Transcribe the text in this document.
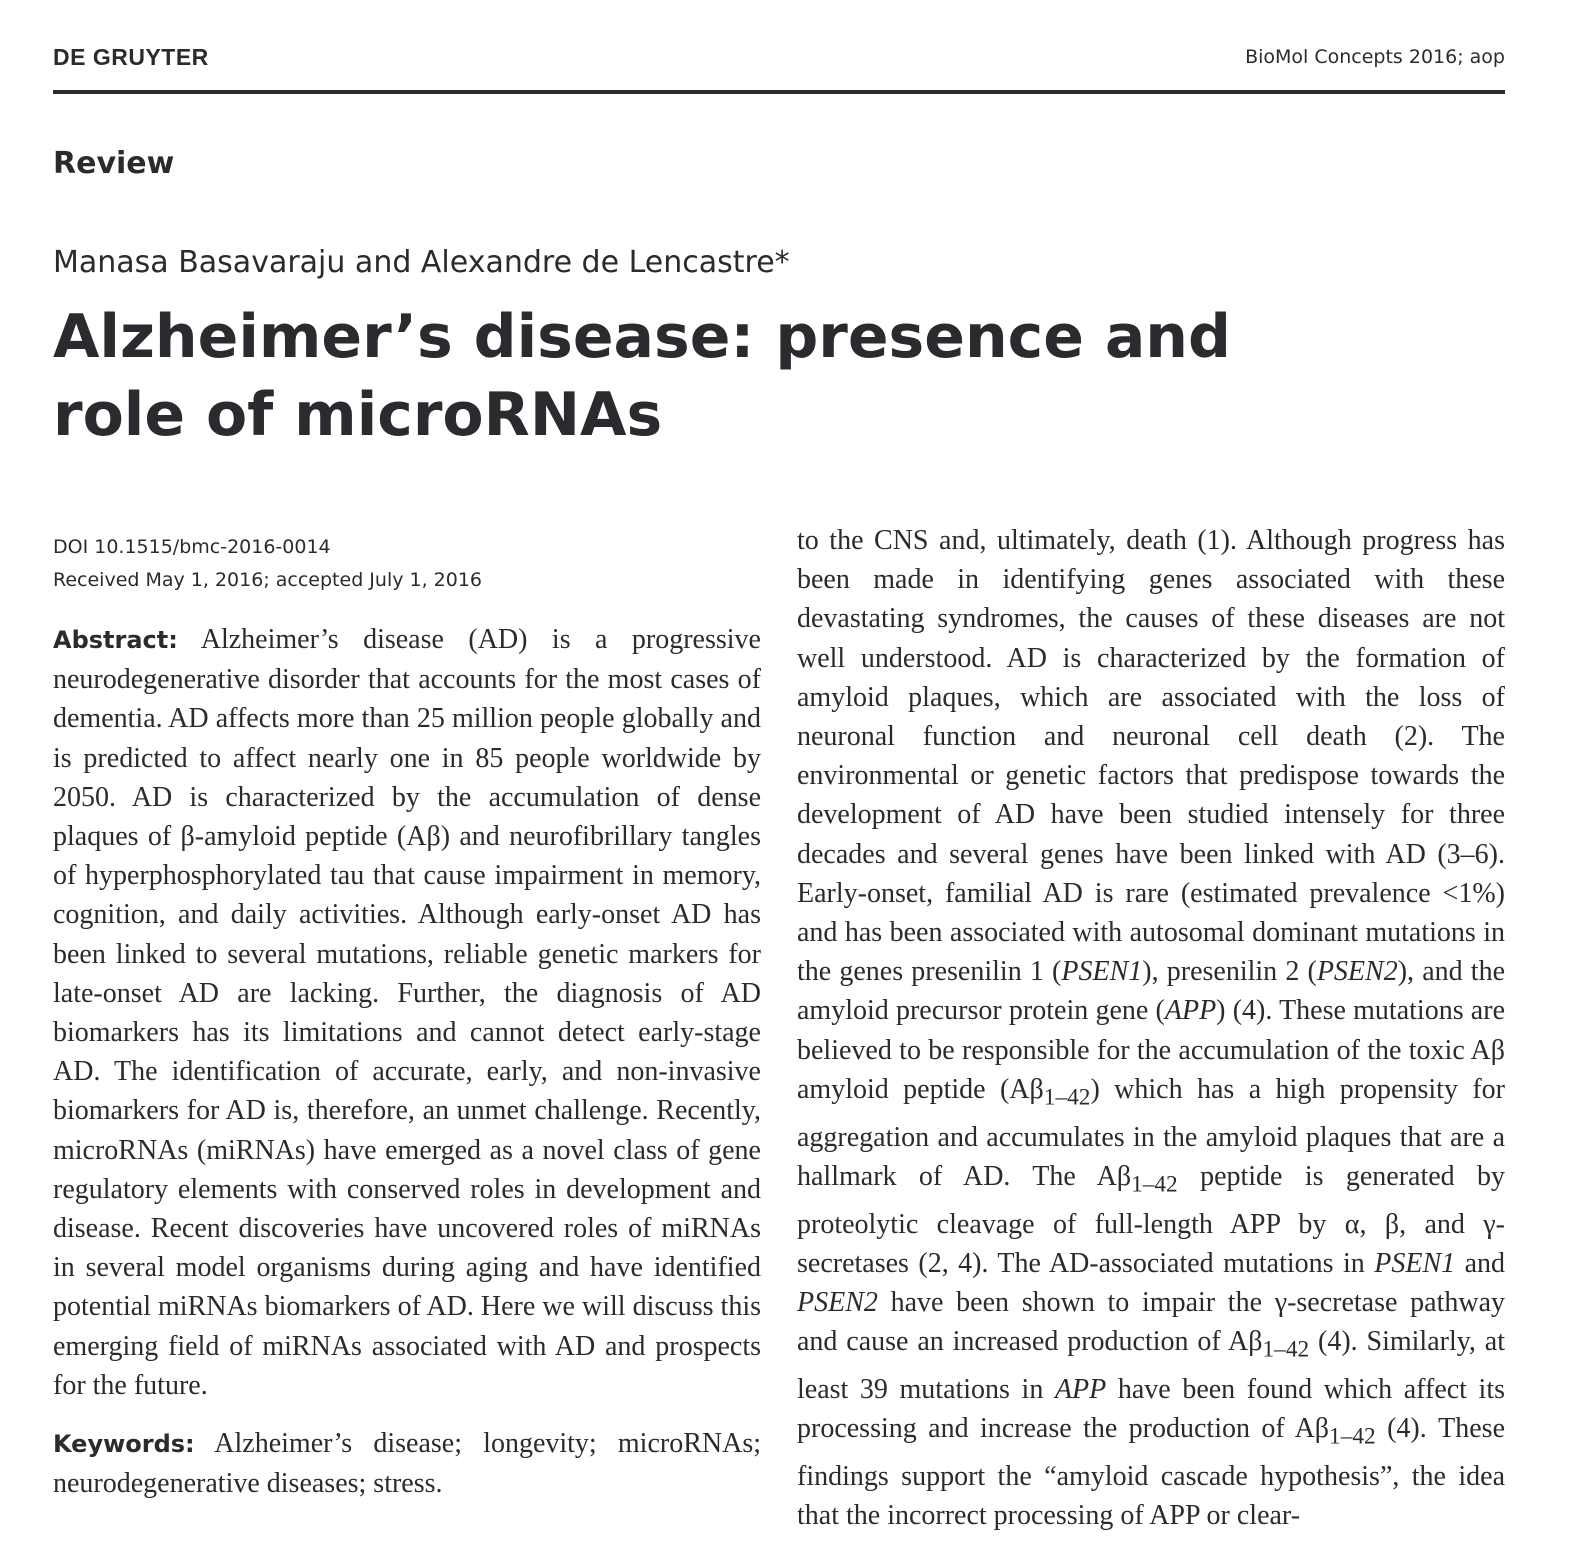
DE GRUYTER	BioMol Concepts 2016; aop
Review
Manasa Basavaraju and Alexandre de Lencastre*
Alzheimer’s disease: presence and role of microRNAs
DOI 10.1515/bmc-2016-0014
Received May 1, 2016; accepted July 1, 2016

Abstract: Alzheimer’s disease (AD) is a progressive neurodegenerative disorder that accounts for the most cases of dementia. AD affects more than 25 million people globally and is predicted to affect nearly one in 85 people worldwide by 2050. AD is characterized by the accumulation of dense plaques of β-amyloid peptide (Aβ) and neurofibrillary tangles of hyperphosphorylated tau that cause impairment in memory, cognition, and daily activities. Although early-onset AD has been linked to several mutations, reliable genetic markers for late-onset AD are lacking. Further, the diagnosis of AD biomarkers has its limitations and cannot detect early-stage AD. The identification of accurate, early, and non-invasive biomarkers for AD is, therefore, an unmet challenge. Recently, microRNAs (miRNAs) have emerged as a novel class of gene regulatory elements with conserved roles in development and disease. Recent discoveries have uncovered roles of miRNAs in several model organisms during aging and have identified potential miRNAs biomarkers of AD. Here we will discuss this emerging field of miRNAs associated with AD and prospects for the future.

Keywords: Alzheimer’s disease; longevity; microRNAs; neurodegenerative diseases; stress.

to the CNS and, ultimately, death (1). Although progress has been made in identifying genes associated with these devastating syndromes, the causes of these diseases are not well understood. AD is characterized by the formation of amyloid plaques, which are associated with the loss of neuronal function and neuronal cell death (2). The environmental or genetic factors that predispose towards the development of AD have been studied intensely for three decades and several genes have been linked with AD (3–6). Early-onset, familial AD is rare (estimated prevalence <1%) and has been associated with autosomal dominant mutations in the genes presenilin 1 (PSEN1), presenilin 2 (PSEN2), and the amyloid precursor protein gene (APP) (4). These mutations are believed to be responsible for the accumulation of the toxic Aβ amyloid peptide $(A\beta_{1-42})$ which has a high propensity for aggregation and accumulates in the amyloid plaques that are a hallmark of AD. The $A\beta_{1-42}$ peptide is generated by proteolytic cleavage of full-length APP by α, β, and γ-secretases (2, 4). The AD-associated mutations in PSEN1 and PSEN2 have been shown to impair the γ-secretase pathway and cause an increased production of $A\beta_{1-42}$ (4). Similarly, at least 39 mutations in APP have been found which affect its processing and increase the production of $A\beta_{1-42}$ (4). These findings support the “amyloid cascade hypothesis”, the idea that the incorrect processing of APP or clear-
